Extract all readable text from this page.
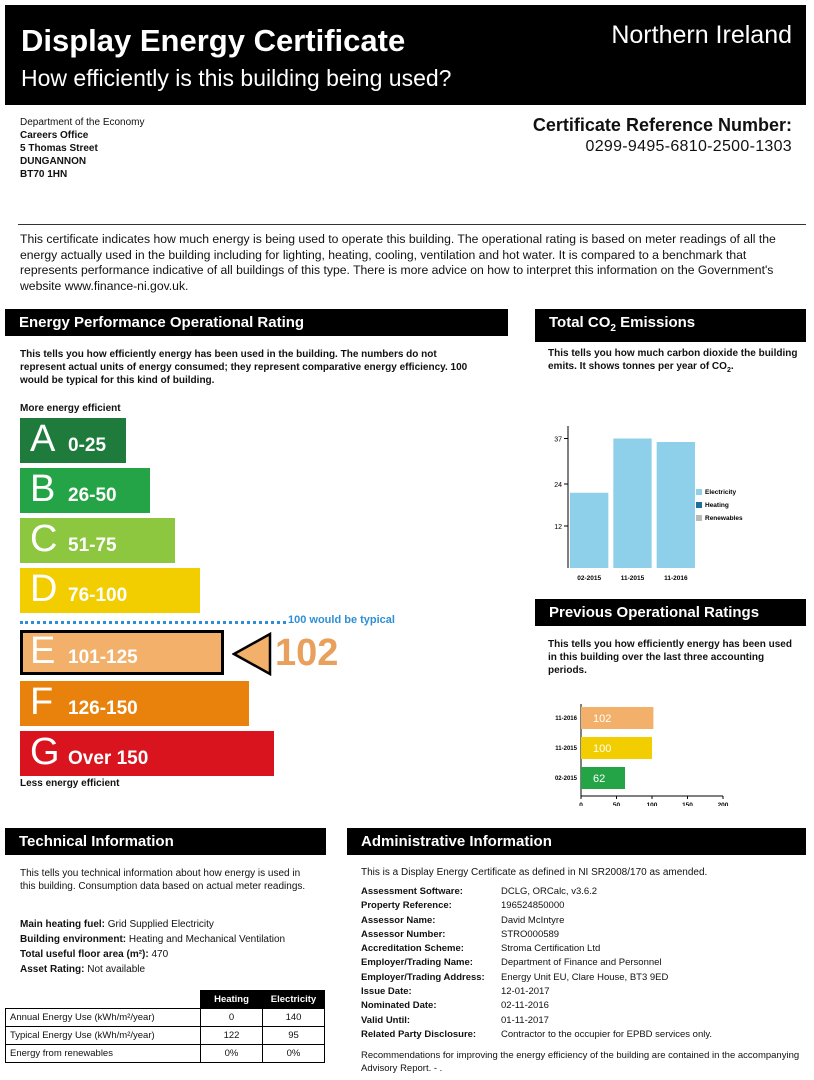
Display Energy Certificate
How efficiently is this building being used?
Northern Ireland
Department of the Economy
Careers Office
5 Thomas Street
DUNGANNON
BT70 1HN
Certificate Reference Number:
0299-9495-6810-2500-1303
This certificate indicates how much energy is being used to operate this building. The operational rating is based on meter readings of all the energy actually used in the building including for lighting, heating, cooling, ventilation and hot water. It is compared to a benchmark that represents performance indicative of all buildings of this type. There is more advice on how to interpret this information on the Government's website www.finance-ni.gov.uk.
Energy Performance Operational Rating
This tells you how efficiently energy has been used in the building. The numbers do not represent actual units of energy consumed; they represent comparative energy efficiency. 100 would be typical for this kind of building.
More energy efficient
A 0-25
B 26-50
C 51-75
D 76-100
100 would be typical
E 101-125	102
F 126-150
G Over 150
Less energy efficient
Total $CO_2$ Emissions
This tells you how much carbon dioxide the building emits. It shows tonnes per year of $CO_2$.
12
24
37
02-2015	11-2015	11-2016
Electricity
Heating
Renewables
Previous Operational Ratings
This tells you how efficiently energy has been used in this building over the last three accounting periods.
0	50	100	150	200
102
11-2016
100
11-2015
62
02-2015
Technical Information
This tells you technical information about how energy is used in this building. Consumption data based on actual meter readings.
Main heating fuel: Grid Supplied Electricity
Building environment: Heating and Mechanical Ventilation
Total useful floor area (m²): 470
Asset Rating: Not available
	Heating	Electricity
Annual Energy Use (kWh/m²/year)	0	140
Typical Energy Use (kWh/m²/year)	122	95
Energy from renewables	0%	0%
Administrative Information
This is a Display Energy Certificate as defined in NI SR2008/170 as amended.
Assessment Software:	DCLG, ORCalc, v3.6.2
Property Reference:	196524850000
Assessor Name:	David McIntyre
Assessor Number:	STRO000589
Accreditation Scheme:	Stroma Certification Ltd
Employer/Trading Name:	Department of Finance and Personnel
Employer/Trading Address: Energy Unit EU, Clare House, BT3 9ED
Issue Date:	12-01-2017
Nominated Date:	02-11-2016
Valid Until:	01-11-2017
Related Party Disclosure:	Contractor to the occupier for EPBD services only.
Recommendations for improving the energy efficiency of the building are contained in the accompanying Advisory Report. - .
